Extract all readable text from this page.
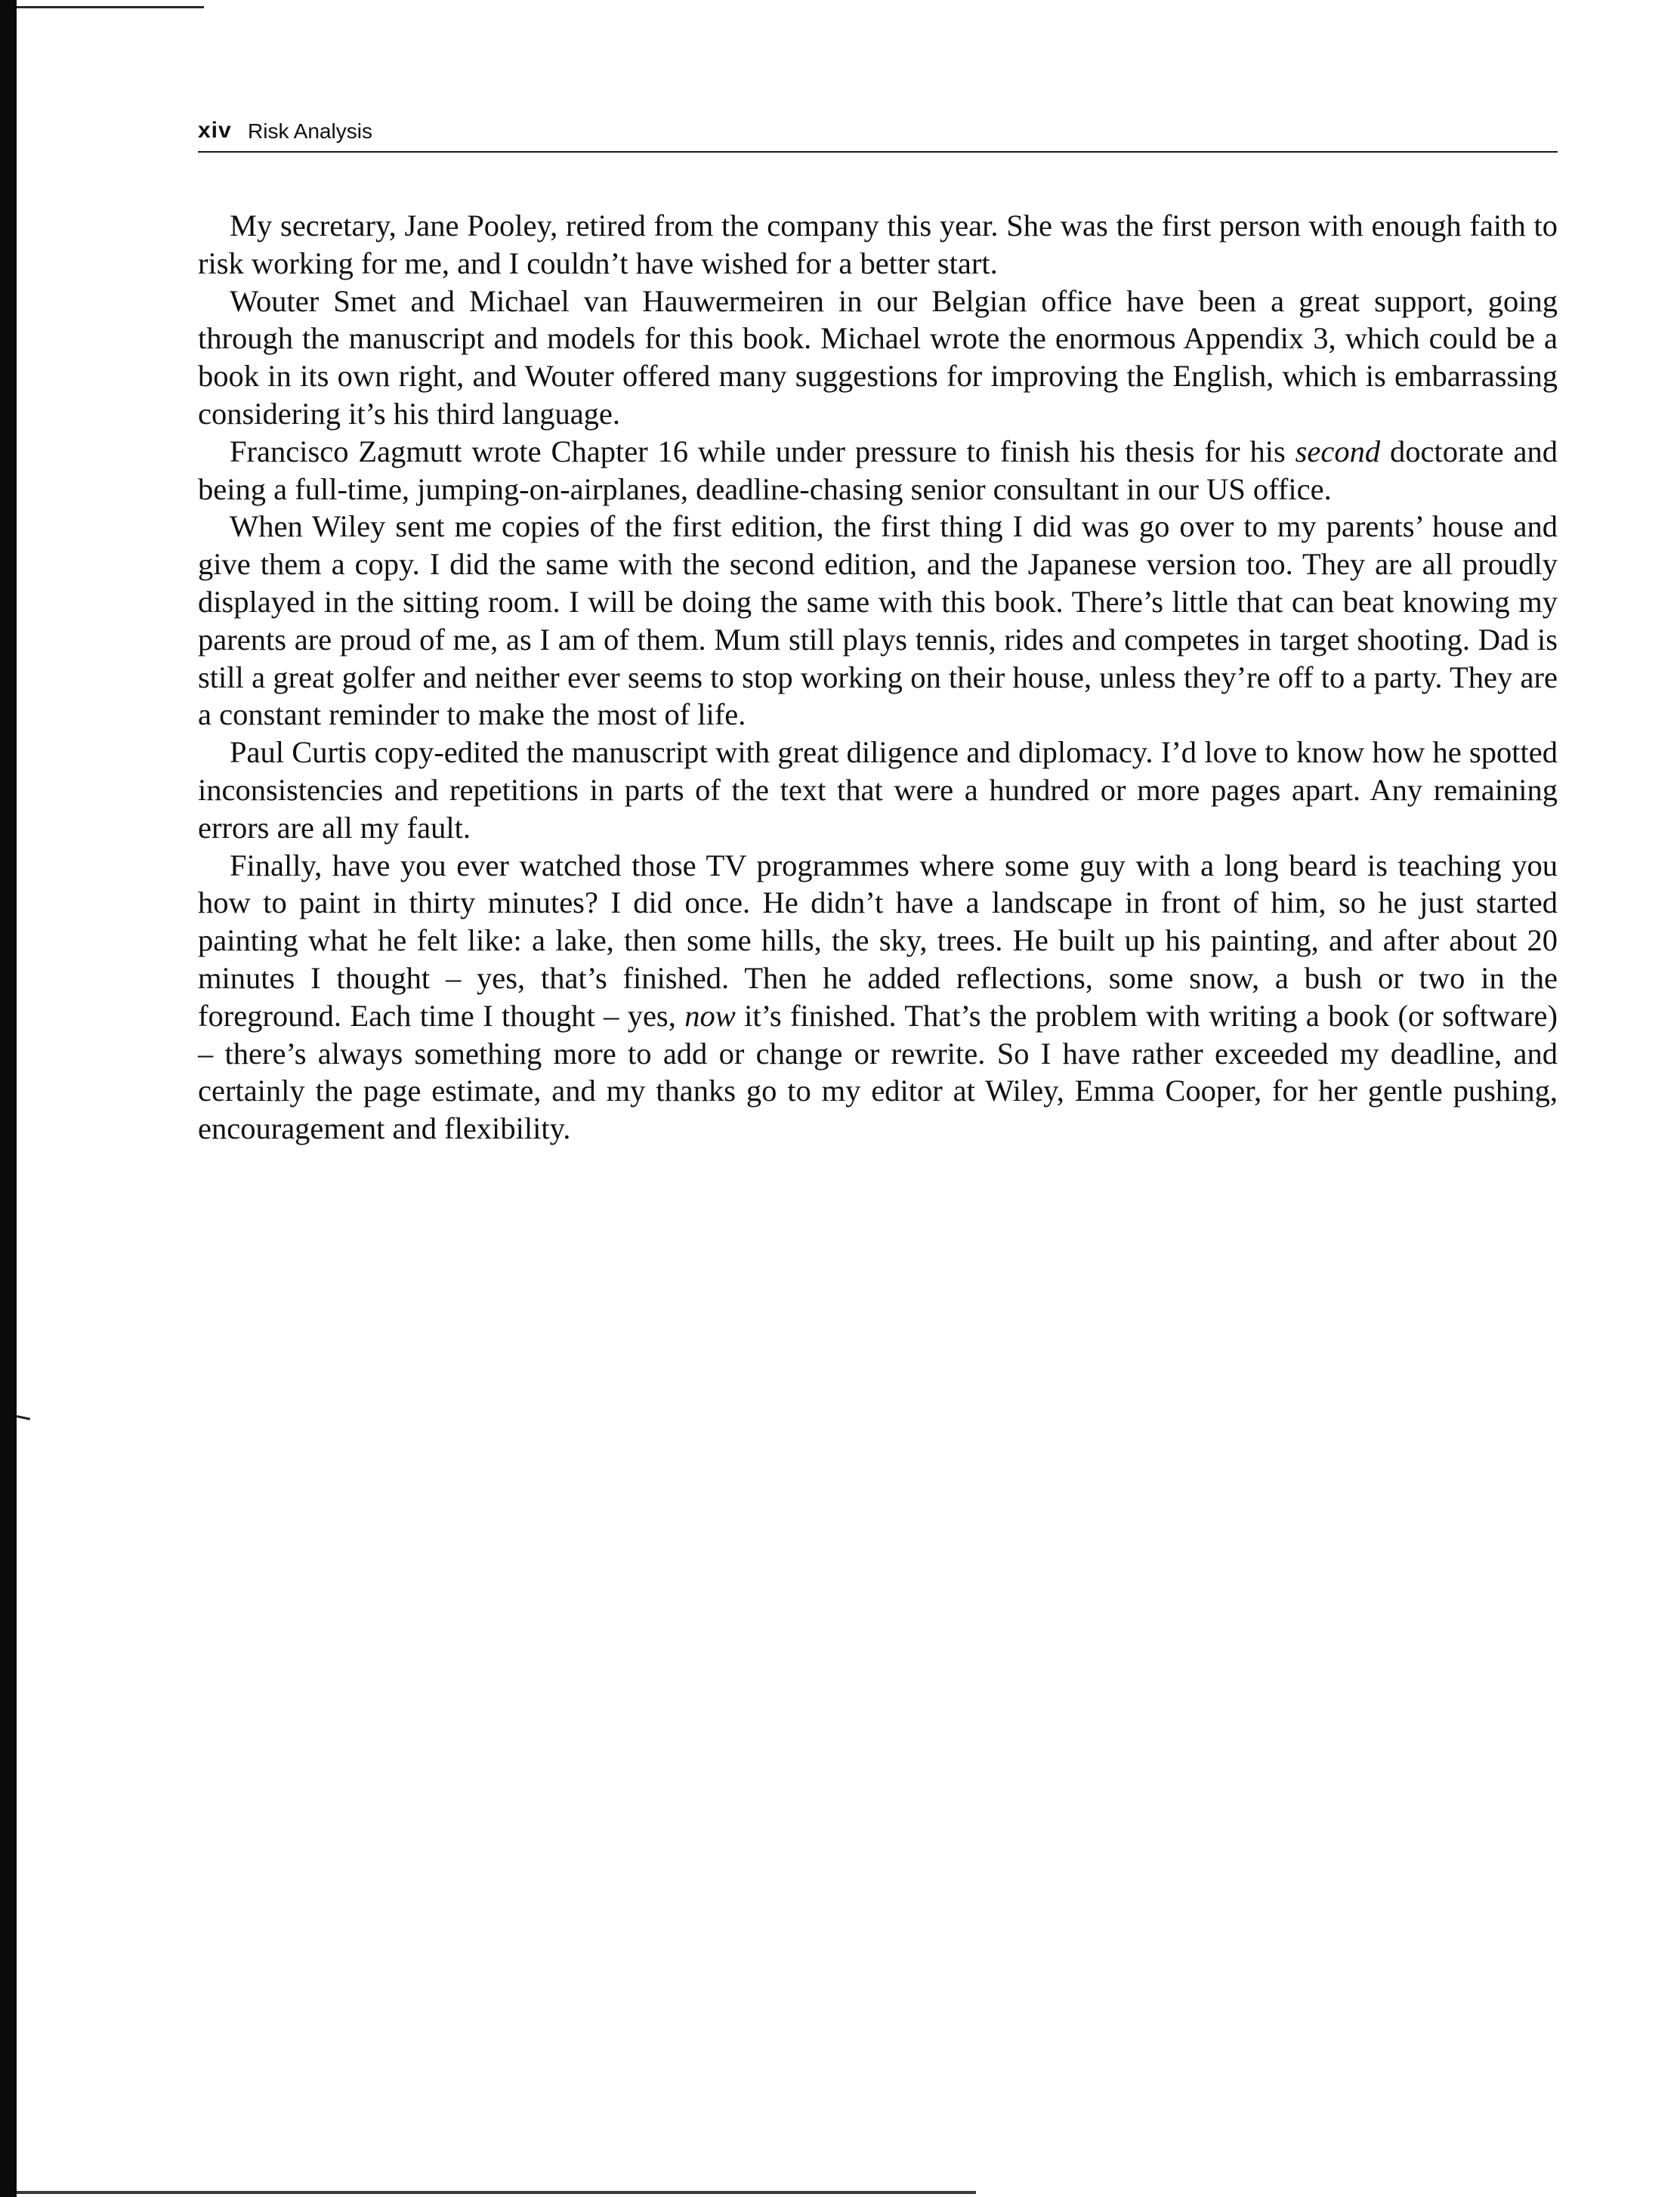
xiv Risk Analysis

My secretary, Jane Pooley, retired from the company this year. She was the first person with enough faith to risk working for me, and I couldn’t have wished for a better start.

Wouter Smet and Michael van Hauwermeiren in our Belgian office have been a great support, going through the manuscript and models for this book. Michael wrote the enormous Appendix 3, which could be a book in its own right, and Wouter offered many suggestions for improving the English, which is embarrassing considering it’s his third language.

Francisco Zagmutt wrote Chapter 16 while under pressure to finish his thesis for his second doctorate and being a full-time, jumping-on-airplanes, deadline-chasing senior consultant in our US office.

When Wiley sent me copies of the first edition, the first thing I did was go over to my parents’ house and give them a copy. I did the same with the second edition, and the Japanese version too. They are all proudly displayed in the sitting room. I will be doing the same with this book. There’s little that can beat knowing my parents are proud of me, as I am of them. Mum still plays tennis, rides and competes in target shooting. Dad is still a great golfer and neither ever seems to stop working on their house, unless they’re off to a party. They are a constant reminder to make the most of life.

Paul Curtis copy-edited the manuscript with great diligence and diplomacy. I’d love to know how he spotted inconsistencies and repetitions in parts of the text that were a hundred or more pages apart. Any remaining errors are all my fault.

Finally, have you ever watched those TV programmes where some guy with a long beard is teaching you how to paint in thirty minutes? I did once. He didn’t have a landscape in front of him, so he just started painting what he felt like: a lake, then some hills, the sky, trees. He built up his painting, and after about 20 minutes I thought – yes, that’s finished. Then he added reflections, some snow, a bush or two in the foreground. Each time I thought – yes, now it’s finished. That’s the problem with writing a book (or software) – there’s always something more to add or change or rewrite. So I have rather exceeded my deadline, and certainly the page estimate, and my thanks go to my editor at Wiley, Emma Cooper, for her gentle pushing, encouragement and flexibility.
